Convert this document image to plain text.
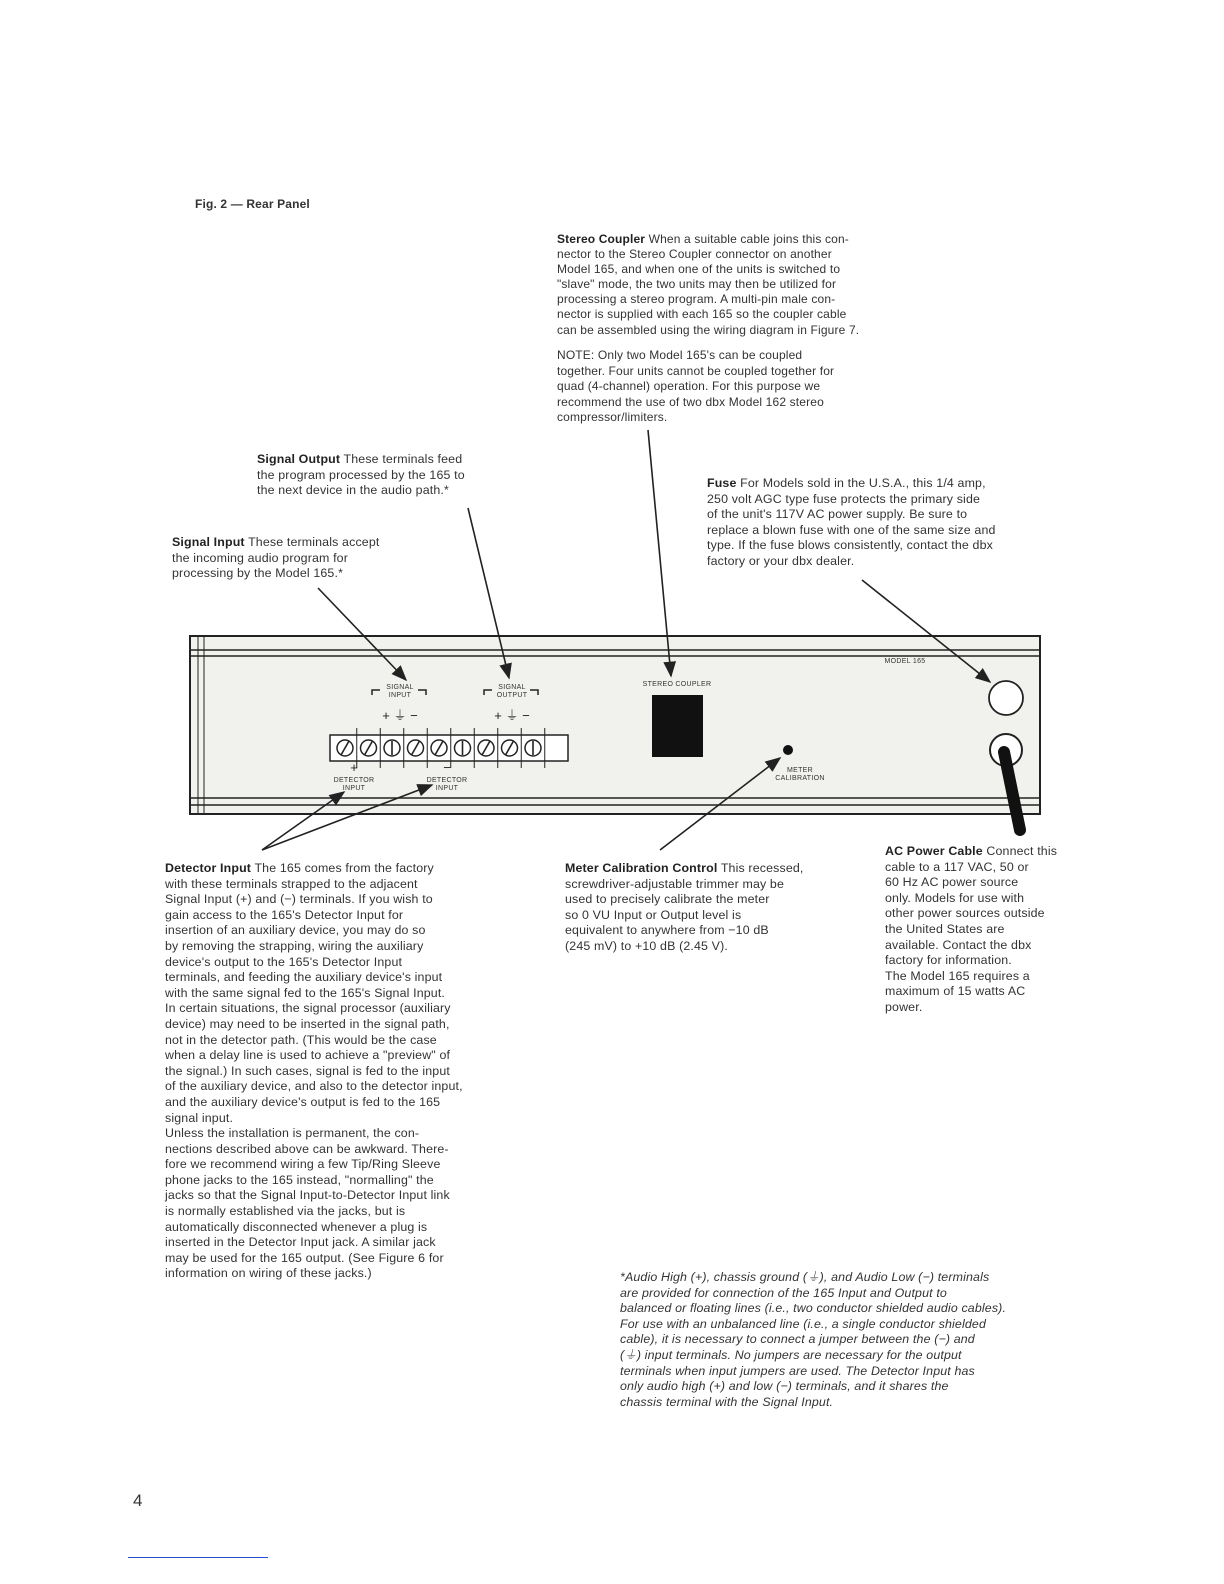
Fig. 2 — Rear Panel
Stereo Coupler When a suitable cable joins this con-
nector to the Stereo Coupler connector on another
Model 165, and when one of the units is switched to
"slave" mode, the two units may then be utilized for
processing a stereo program. A multi-pin male con-
nector is supplied with each 165 so the coupler cable
can be assembled using the wiring diagram in Figure 7.
NOTE: Only two Model 165's can be coupled
together. Four units cannot be coupled together for
quad (4-channel) operation. For this purpose we
recommend the use of two dbx Model 162 stereo
compressor/limiters.
Signal Output These terminals feed
the program processed by the 165 to
the next device in the audio path.*
Signal Input These terminals accept
the incoming audio program for
processing by the Model 165.*
Fuse For Models sold in the U.S.A., this 1/4 amp,
250 volt AGC type fuse protects the primary side
of the unit's 117V AC power supply. Be sure to
replace a blown fuse with one of the same size and
type. If the fuse blows consistently, contact the dbx
factory or your dbx dealer.
SIGNAL
INPUT
SIGNAL
OUTPUT
+ ⏚ −	+ ⏚ −
STEREO COUPLER
MODEL 165
+	−
DETECTOR
INPUT
DETECTOR
INPUT
METER
CALIBRATION
Detector Input The 165 comes from the factory
with these terminals strapped to the adjacent
Signal Input (+) and (−) terminals. If you wish to
gain access to the 165's Detector Input for
insertion of an auxiliary device, you may do so
by removing the strapping, wiring the auxiliary
device's output to the 165's Detector Input
terminals, and feeding the auxiliary device's input
with the same signal fed to the 165's Signal Input.
In certain situations, the signal processor (auxiliary
device) may need to be inserted in the signal path,
not in the detector path. (This would be the case
when a delay line is used to achieve a "preview" of
the signal.) In such cases, signal is fed to the input
of the auxiliary device, and also to the detector input,
and the auxiliary device's output is fed to the 165
signal input.
Unless the installation is permanent, the con-
nections described above can be awkward. There-
fore we recommend wiring a few Tip/Ring Sleeve
phone jacks to the 165 instead, "normalling" the
jacks so that the Signal Input-to-Detector Input link
is normally established via the jacks, but is
automatically disconnected whenever a plug is
inserted in the Detector Input jack. A similar jack
may be used for the 165 output. (See Figure 6 for
information on wiring of these jacks.)
Meter Calibration Control This recessed,
screwdriver-adjustable trimmer may be
used to precisely calibrate the meter
so 0 VU Input or Output level is
equivalent to anywhere from −10 dB
(245 mV) to +10 dB (2.45 V).
AC Power Cable Connect this
cable to a 117 VAC, 50 or
60 Hz AC power source
only. Models for use with
other power sources outside
the United States are
available. Contact the dbx
factory for information.
The Model 165 requires a
maximum of 15 watts AC
power.
*Audio High (+), chassis ground (⏚), and Audio Low (−) terminals
are provided for connection of the 165 Input and Output to
balanced or floating lines (i.e., two conductor shielded audio cables).
For use with an unbalanced line (i.e., a single conductor shielded
cable), it is necessary to connect a jumper between the (−) and
(⏚) input terminals. No jumpers are necessary for the output
terminals when input jumpers are used. The Detector Input has
only audio high (+) and low (−) terminals, and it shares the
chassis terminal with the Signal Input.
4
